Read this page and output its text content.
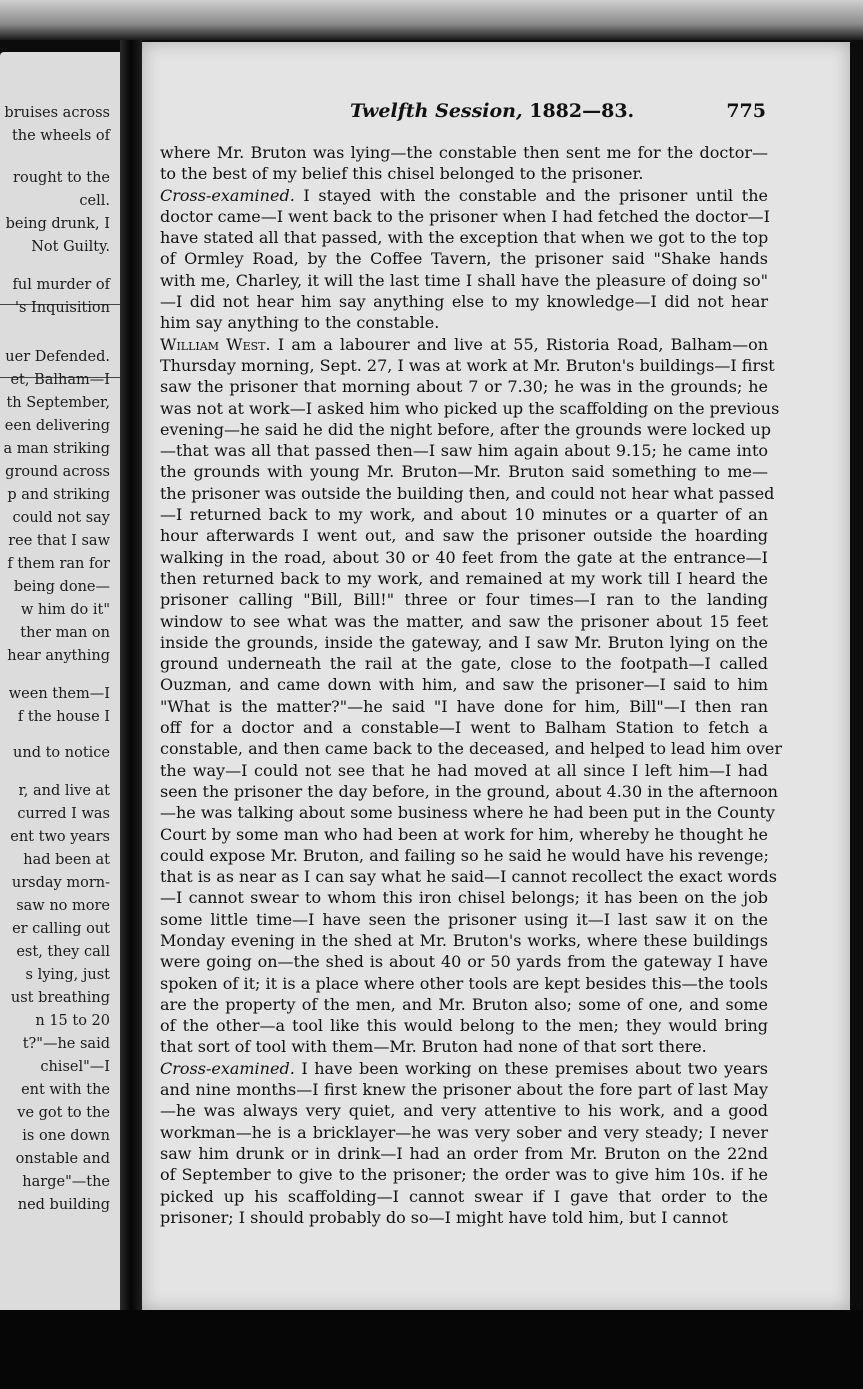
bruises across
the wheels of
rought to the
cell.
being drunk, I
Not Guilty.
ful murder of
's Inquisition
uer Defended.
et, Balham—I
th September,
een delivering
a man striking
ground across
p and striking
could not say
ree that I saw
f them ran for
being done—
w him do it"
ther man on
hear anything
ween them—I
f the house I
und to notice
r, and live at
curred I was
ent two years
had been at
ursday morn-
saw no more
er calling out
est, they call
s lying, just
ust breathing
n 15 to 20
t?"—he said
chisel"—I
ent with the
ve got to the
is one down
onstable and
harge"—the
ned building
Twelfth Session, 1882—83.	775
where Mr. Bruton was lying—the constable then sent me for the doctor—
to the best of my belief this chisel belonged to the prisoner.
Cross-examined. I stayed with the constable and the prisoner until the
doctor came—I went back to the prisoner when I had fetched the doctor—I
have stated all that passed, with the exception that when we got to the top
of Ormley Road, by the Coffee Tavern, the prisoner said "Shake hands
with me, Charley, it will the last time I shall have the pleasure of doing so"
—I did not hear him say anything else to my knowledge—I did not hear
him say anything to the constable.
William West. I am a labourer and live at 55, Ristoria Road, Balham—on
Thursday morning, Sept. 27, I was at work at Mr. Bruton's buildings—I first
saw the prisoner that morning about 7 or 7.30; he was in the grounds; he
was not at work—I asked him who picked up the scaffolding on the previous
evening—he said he did the night before, after the grounds were locked up
—that was all that passed then—I saw him again about 9.15; he came into
the grounds with young Mr. Bruton—Mr. Bruton said something to me—
the prisoner was outside the building then, and could not hear what passed
—I returned back to my work, and about 10 minutes or a quarter of an
hour afterwards I went out, and saw the prisoner outside the hoarding
walking in the road, about 30 or 40 feet from the gate at the entrance—I
then returned back to my work, and remained at my work till I heard the
prisoner calling "Bill, Bill!" three or four times—I ran to the landing
window to see what was the matter, and saw the prisoner about 15 feet
inside the grounds, inside the gateway, and I saw Mr. Bruton lying on the
ground underneath the rail at the gate, close to the footpath—I called
Ouzman, and came down with him, and saw the prisoner—I said to him
"What is the matter?"—he said "I have done for him, Bill"—I then ran
off for a doctor and a constable—I went to Balham Station to fetch a
constable, and then came back to the deceased, and helped to lead him over
the way—I could not see that he had moved at all since I left him—I had
seen the prisoner the day before, in the ground, about 4.30 in the afternoon
—he was talking about some business where he had been put in the County
Court by some man who had been at work for him, whereby he thought he
could expose Mr. Bruton, and failing so he said he would have his revenge;
that is as near as I can say what he said—I cannot recollect the exact words
—I cannot swear to whom this iron chisel belongs; it has been on the job
some little time—I have seen the prisoner using it—I last saw it on the
Monday evening in the shed at Mr. Bruton's works, where these buildings
were going on—the shed is about 40 or 50 yards from the gateway I have
spoken of it; it is a place where other tools are kept besides this—the tools
are the property of the men, and Mr. Bruton also; some of one, and some
of the other—a tool like this would belong to the men; they would bring
that sort of tool with them—Mr. Bruton had none of that sort there.
Cross-examined. I have been working on these premises about two years
and nine months—I first knew the prisoner about the fore part of last May
—he was always very quiet, and very attentive to his work, and a good
workman—he is a bricklayer—he was very sober and very steady; I never
saw him drunk or in drink—I had an order from Mr. Bruton on the 22nd
of September to give to the prisoner; the order was to give him 10s. if he
picked up his scaffolding—I cannot swear if I gave that order to the
prisoner; I should probably do so—I might have told him, but I cannot
